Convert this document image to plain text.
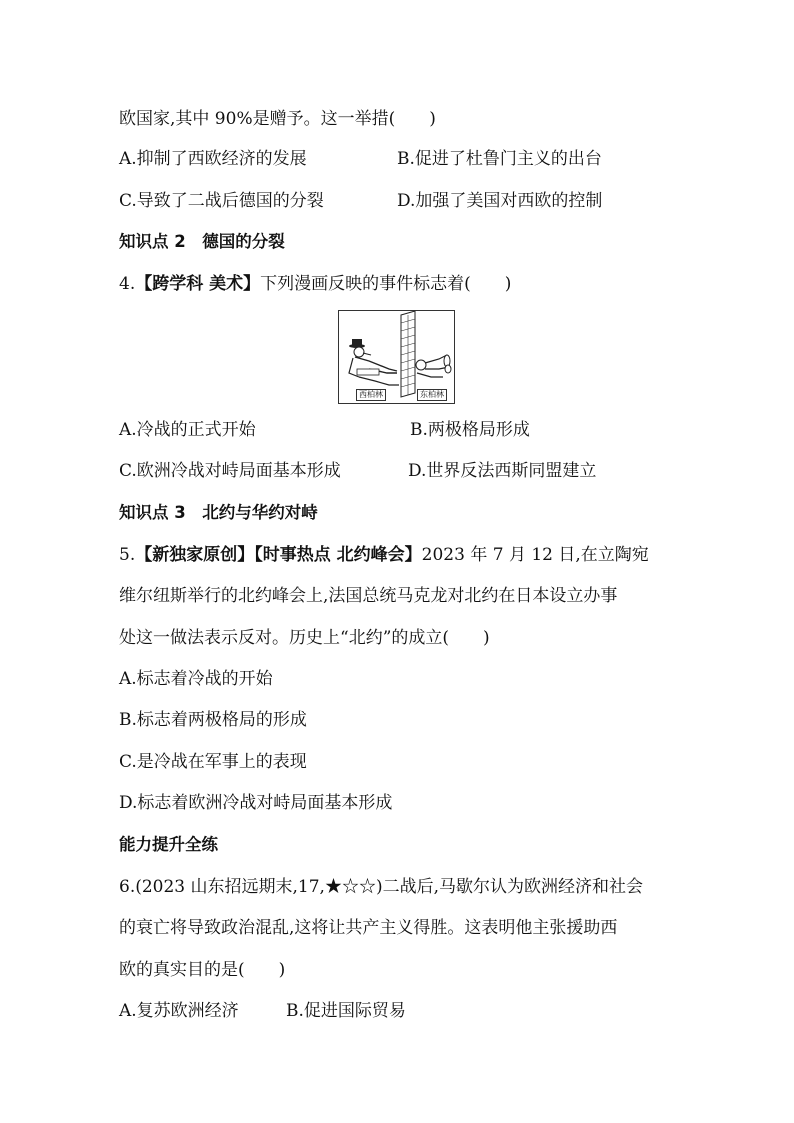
欧国家,其中 90%是赠予。这一举措(　　)
A.抑制了西欧经济的发展	B.促进了杜鲁门主义的出台
C.导致了二战后德国的分裂	D.加强了美国对西欧的控制
知识点 2　德国的分裂
4.【跨学科 美术】下列漫画反映的事件标志着(　　)
西柏林	东柏林
A.冷战的正式开始	B.两极格局形成
C.欧洲冷战对峙局面基本形成	D.世界反法西斯同盟建立
知识点 3　北约与华约对峙
5.【新独家原创】【时事热点 北约峰会】2023 年 7 月 12 日,在立陶宛
维尔纽斯举行的北约峰会上,法国总统马克龙对北约在日本设立办事
处这一做法表示反对。历史上“北约”的成立(　　)
A.标志着冷战的开始
B.标志着两极格局的形成
C.是冷战在军事上的表现
D.标志着欧洲冷战对峙局面基本形成
能力提升全练
6.(2023 山东招远期末,17,★☆☆)二战后,马歇尔认为欧洲经济和社会
的衰亡将导致政治混乱,这将让共产主义得胜。这表明他主张援助西
欧的真实目的是(　　)
A.复苏欧洲经济	B.促进国际贸易
